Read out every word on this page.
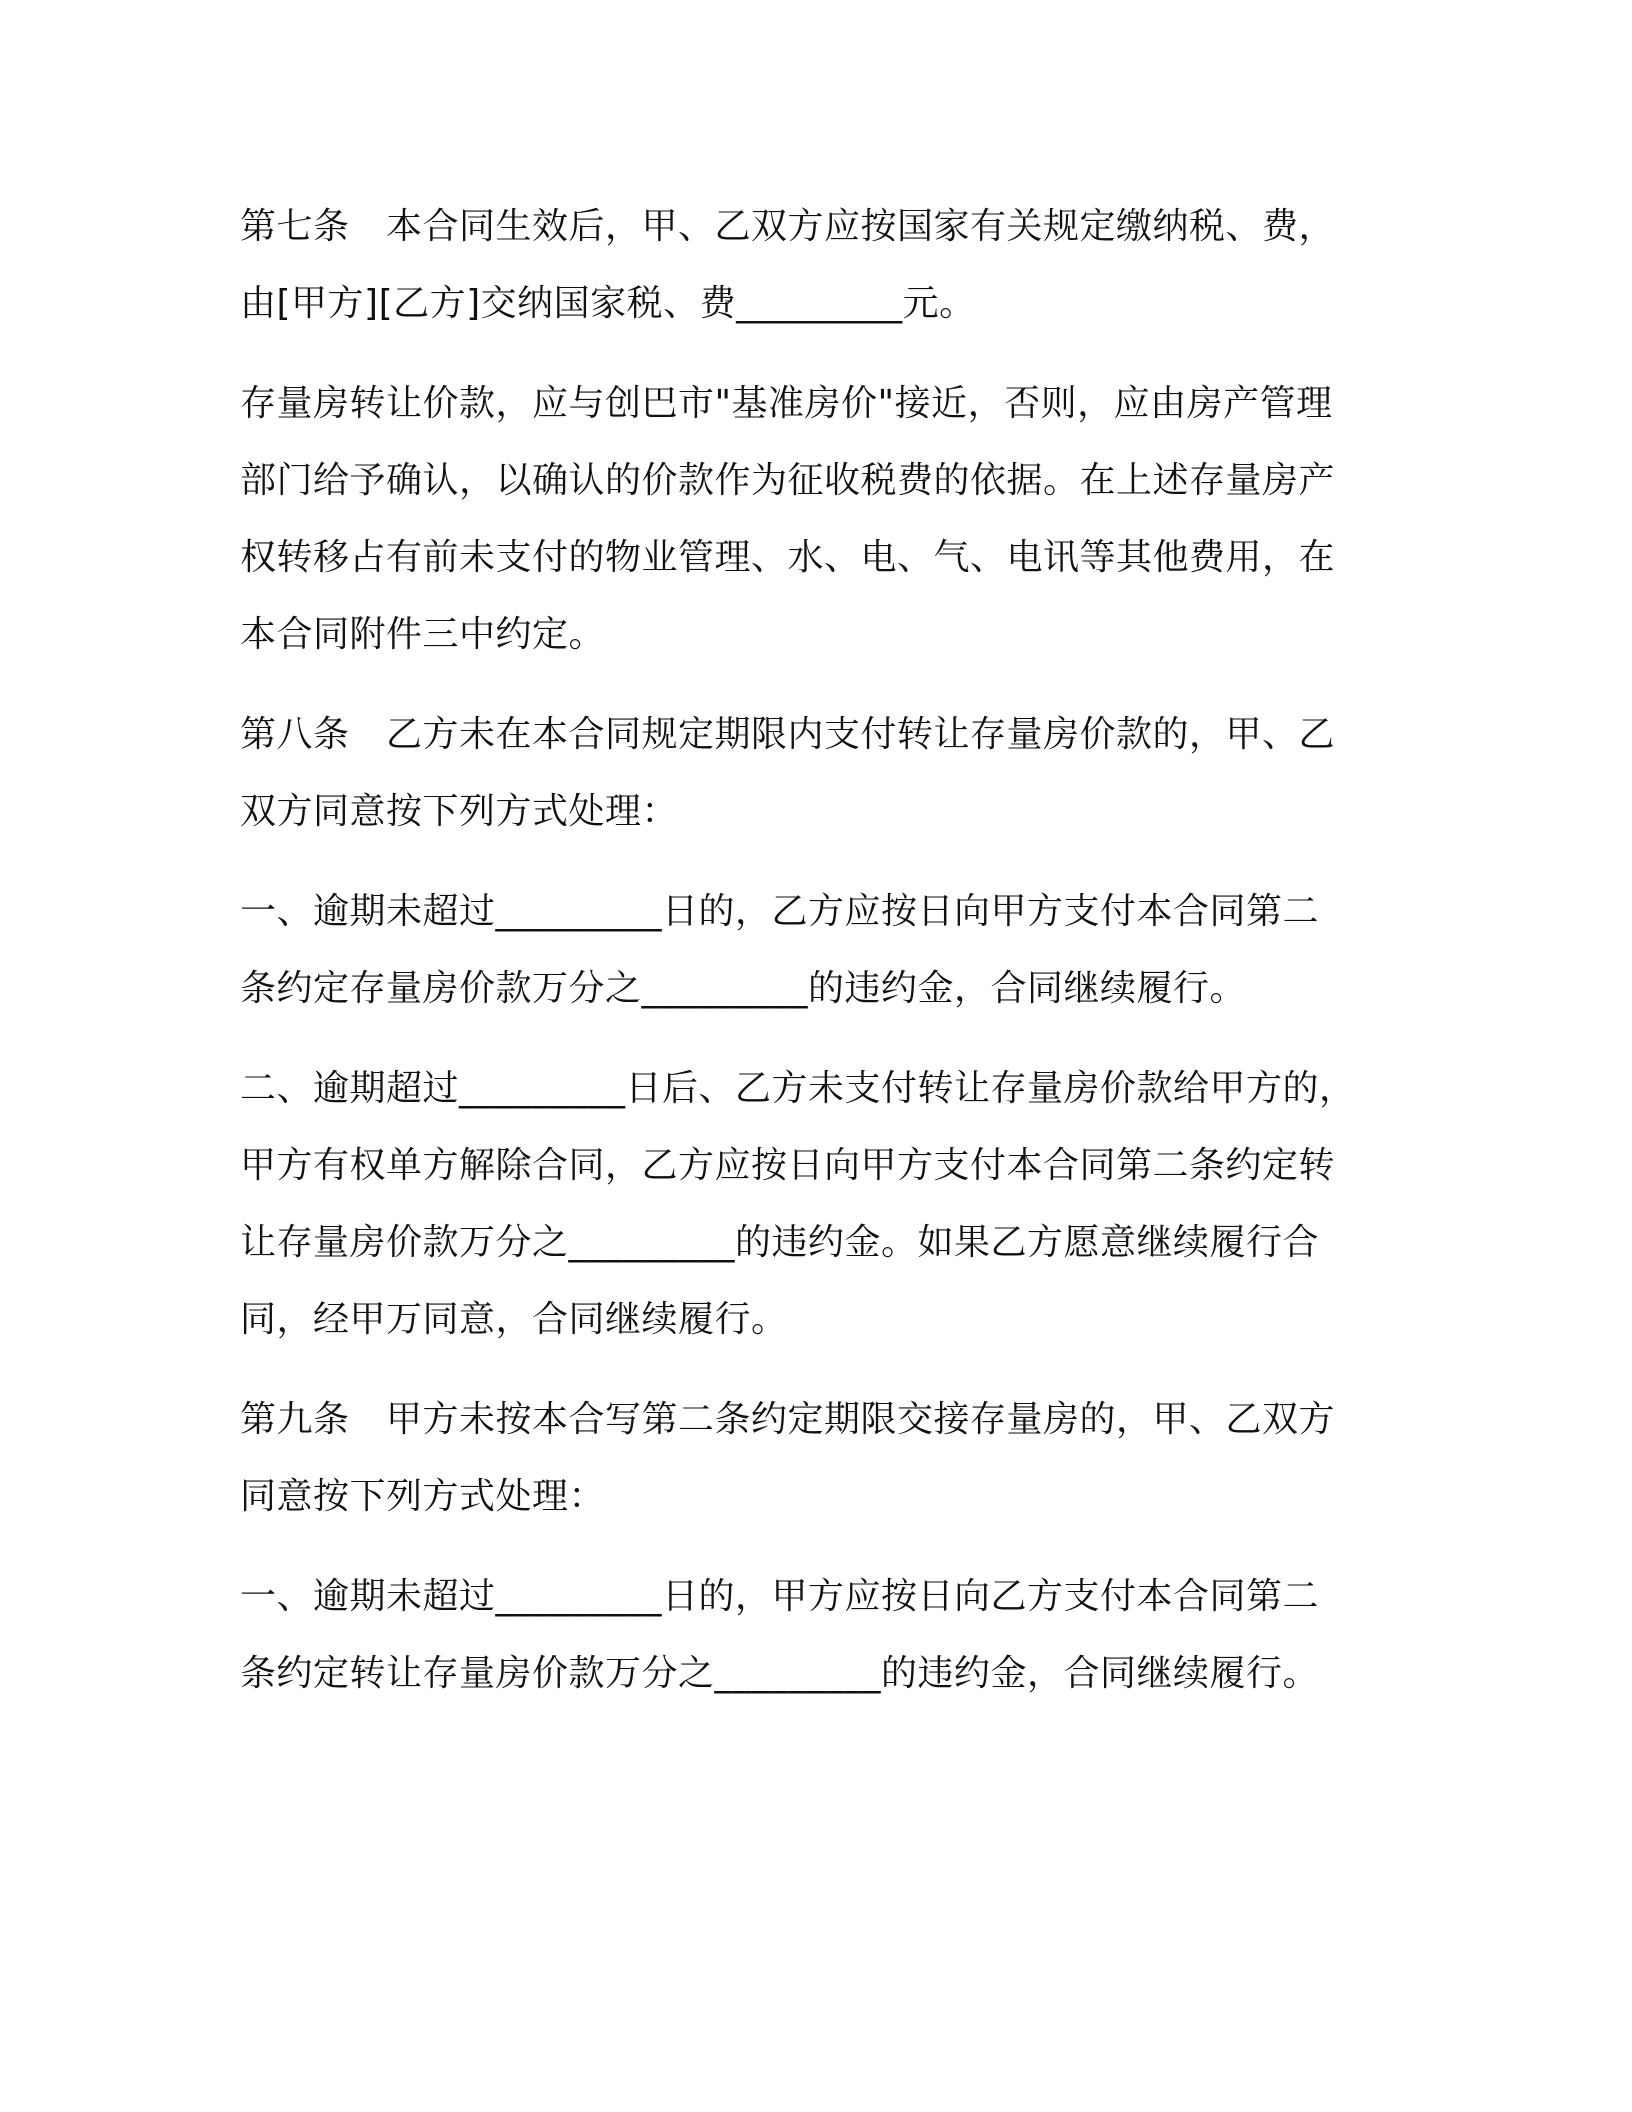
第七条　本合同生效后，甲、乙双方应按国家有关规定缴纳税、费，
由[甲方][乙方]交纳国家税、费_________元。

存量房转让价款，应与创巴市"基准房价"接近，否则，应由房产管理
部门给予确认，以确认的价款作为征收税费的依据。在上述存量房产
权转移占有前未支付的物业管理、水、电、气、电讯等其他费用，在
本合同附件三中约定。

第八条　乙方未在本合同规定期限内支付转让存量房价款的，甲、乙
双方同意按下列方式处理：

一、逾期未超过_________日的，乙方应按日向甲方支付本合同第二
条约定存量房价款万分之_________的违约金，合同继续履行。

二、逾期超过_________日后、乙方未支付转让存量房价款给甲方的，
甲方有权单方解除合同，乙方应按日向甲方支付本合同第二条约定转
让存量房价款万分之_________的违约金。如果乙方愿意继续履行合
同，经甲万同意，合同继续履行。

第九条　甲方未按本合写第二条约定期限交接存量房的，甲、乙双方
同意按下列方式处理：

一、逾期未超过_________日的，甲方应按日向乙方支付本合同第二
条约定转让存量房价款万分之_________的违约金，合同继续履行。
